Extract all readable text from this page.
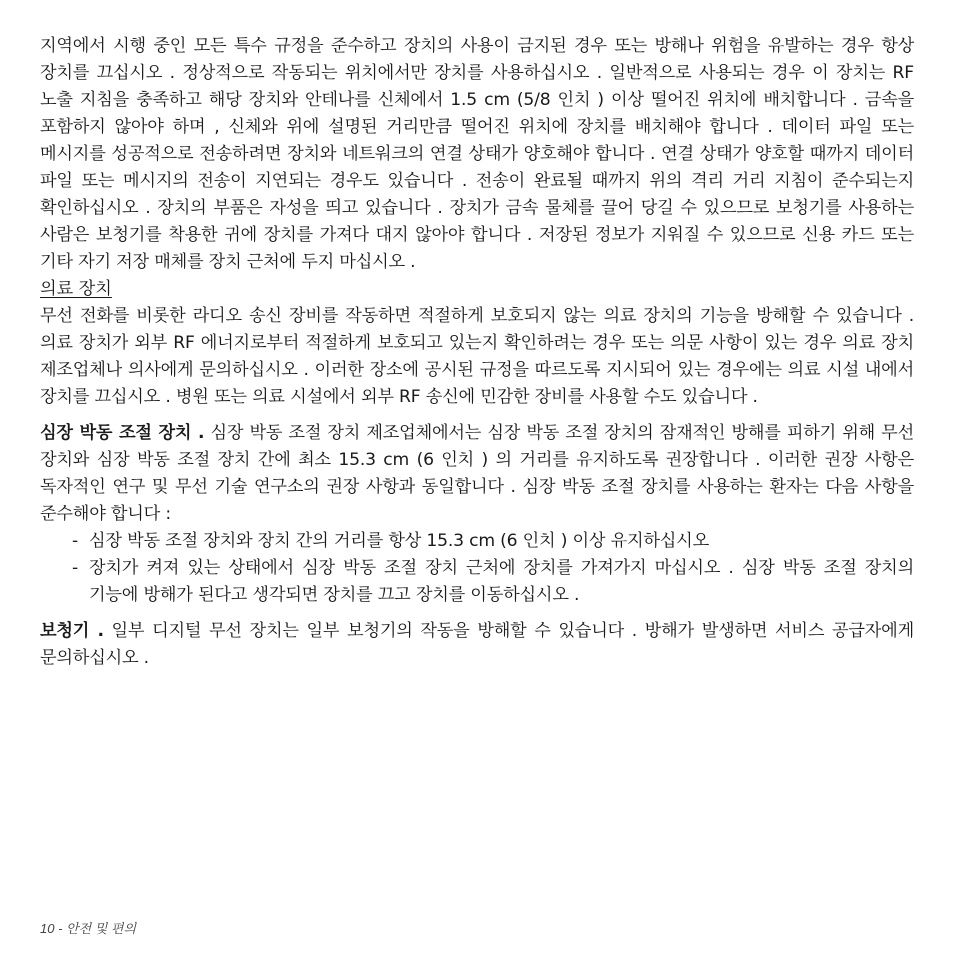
지역에서 시행 중인 모든 특수 규정을 준수하고 장치의 사용이 금지된 경우 또는 방해나 위험을 유발하는 경우 항상 장치를 끄십시오 . 정상적으로 작동되는 위치에서만 장치를 사용하십시오 . 일반적으로 사용되는 경우 이 장치는 RF 노출 지침을 충족하고 해당 장치와 안테나를 신체에서 1.5 cm (5/8 인치 ) 이상 떨어진 위치에 배치합니다 . 금속을 포함하지 않아야 하며 , 신체와 위에 설명된 거리만큼 떨어진 위치에 장치를 배치해야 합니다 . 데이터 파일 또는 메시지를 성공적으로 전송하려면 장치와 네트워크의 연결 상태가 양호해야 합니다 . 연결 상태가 양호할 때까지 데이터 파일 또는 메시지의 전송이 지연되는 경우도 있습니다 . 전송이 완료될 때까지 위의 격리 거리 지침이 준수되는지 확인하십시오 . 장치의 부품은 자성을 띄고 있습니다 . 장치가 금속 물체를 끌어 당길 수 있으므로 보청기를 사용하는 사람은 보청기를 착용한 귀에 장치를 가져다 대지 않아야 합니다 . 저장된 정보가 지워질 수 있으므로 신용 카드 또는 기타 자기 저장 매체를 장치 근처에 두지 마십시오 .

의료 장치

무선 전화를 비롯한 라디오 송신 장비를 작동하면 적절하게 보호되지 않는 의료 장치의 기능을 방해할 수 있습니다 . 의료 장치가 외부 RF 에너지로부터 적절하게 보호되고 있는지 확인하려는 경우 또는 의문 사항이 있는 경우 의료 장치 제조업체나 의사에게 문의하십시오 . 이러한 장소에 공시된 규정을 따르도록 지시되어 있는 경우에는 의료 시설 내에서 장치를 끄십시오 . 병원 또는 의료 시설에서 외부 RF 송신에 민감한 장비를 사용할 수도 있습니다 .

심장 박동 조절 장치 . 심장 박동 조절 장치 제조업체에서는 심장 박동 조절 장치의 잠재적인 방해를 피하기 위해 무선 장치와 심장 박동 조절 장치 간에 최소 15.3 cm (6 인치 ) 의 거리를 유지하도록 권장합니다 . 이러한 권장 사항은 독자적인 연구 및 무선 기술 연구소의 권장 사항과 동일합니다 . 심장 박동 조절 장치를 사용하는 환자는 다음 사항을 준수해야 합니다 :

- 심장 박동 조절 장치와 장치 간의 거리를 항상 15.3 cm (6 인치 ) 이상 유지하십시오
- 장치가 켜져 있는 상태에서 심장 박동 조절 장치 근처에 장치를 가져가지 마십시오 . 심장 박동 조절 장치의 기능에 방해가 된다고 생각되면 장치를 끄고 장치를 이동하십시오 .

보청기 . 일부 디지털 무선 장치는 일부 보청기의 작동을 방해할 수 있습니다 . 방해가 발생하면 서비스 공급자에게 문의하십시오 .

10 - 안전 및 편의
